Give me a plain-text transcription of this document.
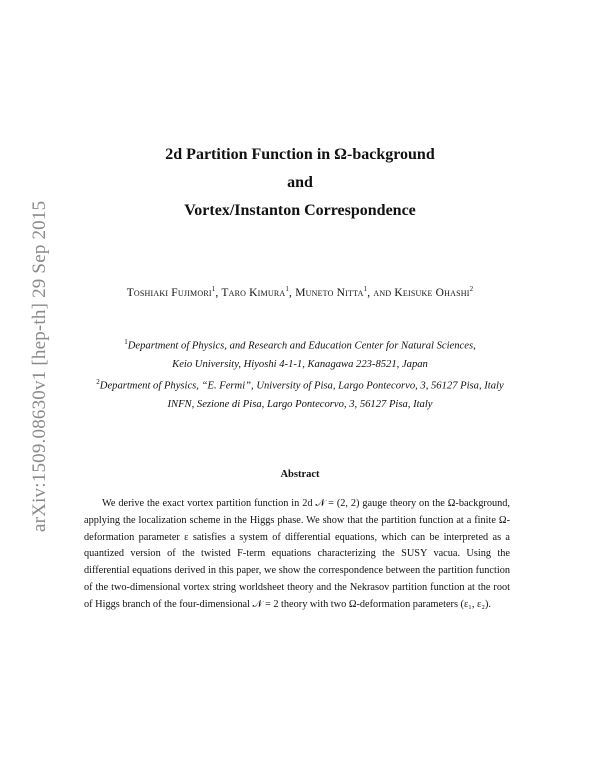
arXiv:1509.08630v1 [hep-th] 29 Sep 2015
2d Partition Function in Ω-background
and
Vortex/Instanton Correspondence
Toshiaki Fujimori$^1$, Taro Kimura$^1$, Muneto Nitta$^1$, and Keisuke Ohashi$^2$
$^1$Department of Physics, and Research and Education Center for Natural Sciences,
Keio University, Hiyoshi 4-1-1, Kanagawa 223-8521, Japan
$^2$Department of Physics, “E. Fermi”, University of Pisa, Largo Pontecorvo, 3, 56127 Pisa, Italy
INFN, Sezione di Pisa, Largo Pontecorvo, 3, 56127 Pisa, Italy
Abstract
We derive the exact vortex partition function in 2d 𝒩 = (2, 2) gauge theory on the Ω-background, applying the localization scheme in the Higgs phase. We show that the partition function at a finite Ω-deformation parameter ε satisfies a system of differential equations, which can be interpreted as a quantized version of the twisted F-term equations characterizing the SUSY vacua. Using the differential equations derived in this paper, we show the correspondence between the partition function of the two-dimensional vortex string worldsheet theory and the Nekrasov partition function at the root of Higgs branch of the four-dimensional 𝒩 = 2 theory with two Ω-deformation parameters (ε₁, ε₂).
